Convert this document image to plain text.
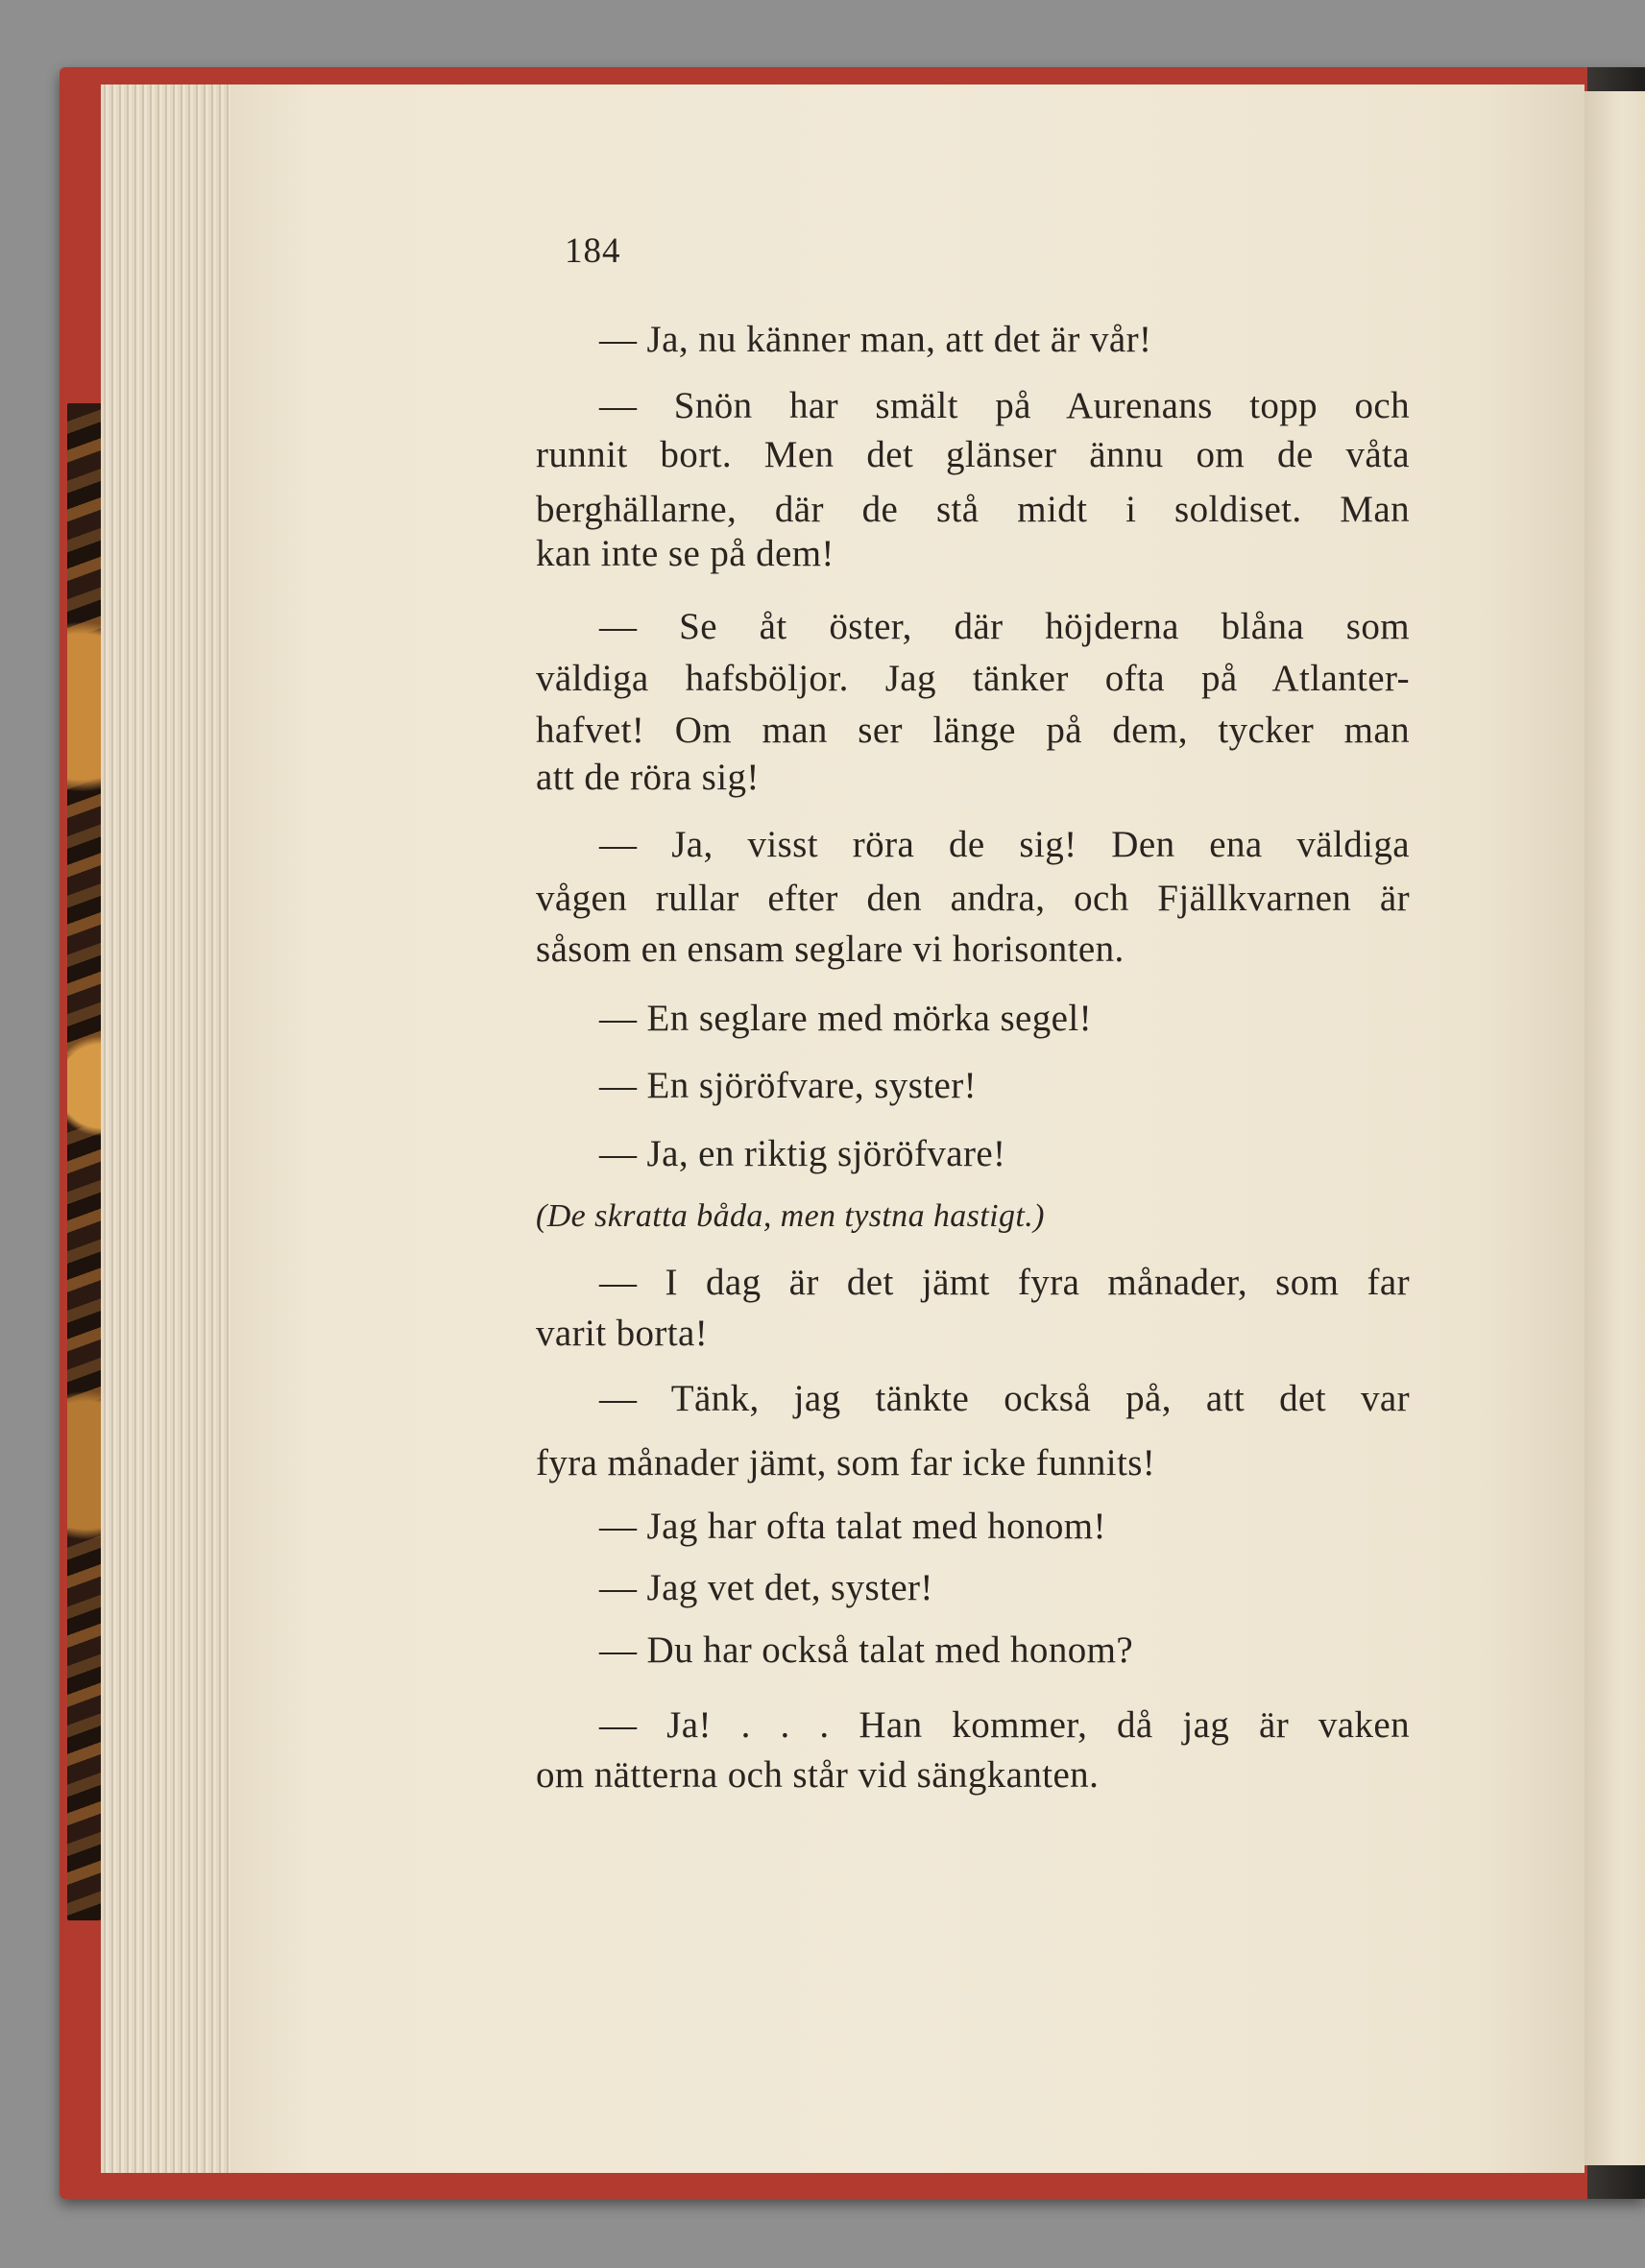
184
— Ja, nu känner man, att det är vår!
— Snön har smält på Aurenans topp och
runnit bort. Men det glänser ännu om de våta
berghällarne, där de stå midt i soldiset. Man
kan inte se på dem!
— Se åt öster, där höjderna blåna som
väldiga hafsböljor. Jag tänker ofta på Atlanter-
hafvet! Om man ser länge på dem, tycker man
att de röra sig!
— Ja, visst röra de sig! Den ena väldiga
vågen rullar efter den andra, och Fjällkvarnen är
såsom en ensam seglare vi horisonten.
— En seglare med mörka segel!
— En sjöröfvare, syster!
— Ja, en riktig sjöröfvare!
(De skratta båda, men tystna hastigt.)
— I dag är det jämt fyra månader, som far
varit borta!
— Tänk, jag tänkte också på, att det var
fyra månader jämt, som far icke funnits!
— Jag har ofta talat med honom!
— Jag vet det, syster!
— Du har också talat med honom?
— Ja! . . . Han kommer, då jag är vaken
om nätterna och står vid sängkanten.
